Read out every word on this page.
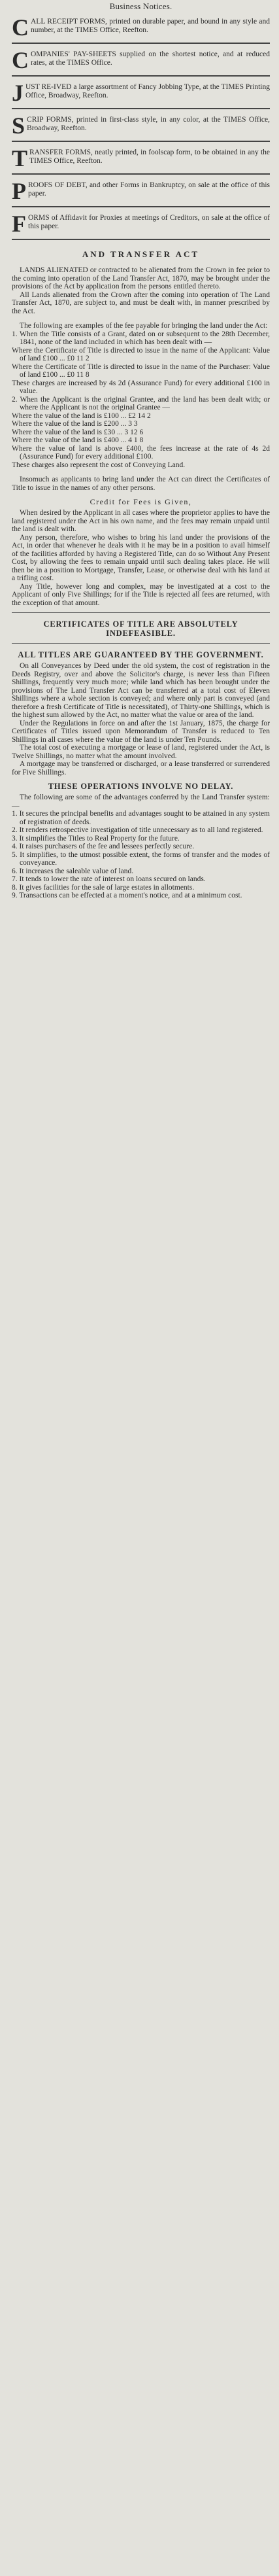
Business Notices.
CALL RECEIPT FORMS, printed on durable paper, and bound in any style and number, at the TIMES Office, Reefton.
COMPANIES' PAY-SHEETS supplied on the shortest notice, and at reduced rates, at the TIMES Office.
JUST RE-IVED a large assortment of Fancy Jobbing Type, at the TIMES Printing Office, Broadway, Reefton.
SCRIP FORMS, printed in first-class style, in any color, at the TIMES Office, Broadway, Reefton.
TRANSFER FORMS, neatly printed, in foolscap form, to be obtained in any the TIMES Office, Reefton.
PROOFS OF DEBT, and other Forms in Bankruptcy, on sale at the office of this paper.
FORMS of Affidavit for Proxies at meetings of Creditors, on sale at the office of this paper.
AND TRANSFER ACT

LANDS ALIENATED or contracted to be alienated from the Crown in fee prior to the coming into operation of the Land Transfer Act, 1870, may be brought under the provisions of the Act by application from the persons entitled thereto.

All Lands alienated from the Crown after the coming into operation of The Land Transfer Act, 1870, are subject to, and must be dealt with, in manner prescribed by the Act.

The following are examples of the fee payable for bringing the land under the Act:

1. When the Title consists of a Grant, dated on or subsequent to the 28th December, 1841, none of the land included in which has been dealt with —
Where the Certificate of Title is directed to issue in the name of the Applicant: Value of land £100 ... £0 11 2
Where the Certificate of Title is directed to issue in the name of the Purchaser: Value of land £100 ... £0 11 8
These charges are increased by 4s 2d (Assurance Fund) for every additional £100 in value.
2. When the Applicant is the original Grantee, and the land has been dealt with; or where the Applicant is not the original Grantee —
Where the value of the land is £100 ... £2 14 2
Where the value of the land is £200 ... 3 3
Where the value of the land is £30 ... 3 12 6
Where the value of the land is £400 ... 4 1 8
Where the value of land is above £400, the fees increase at the rate of 4s 2d (Assurance Fund) for every additional £100.
These charges also represent the cost of Conveying Land.

Insomuch as applicants to bring land under the Act can direct the Certificates of Title to issue in the names of any other persons.

Credit for Fees is Given,

When desired by the Applicant in all cases where the proprietor applies to have the land registered under the Act in his own name, and the fees may remain unpaid until the land is dealt with.

Any person, therefore, who wishes to bring his land under the provisions of the Act, in order that whenever he deals with it he may be in a position to avail himself of the facilities afforded by having a Registered Title, can do so Without Any Present Cost, by allowing the fees to remain unpaid until such dealing takes place. He will then be in a position to Mortgage, Transfer, Lease, or otherwise deal with his land at a trifling cost.

Any Title, however long and complex, may be investigated at a cost to the Applicant of only Five Shillings; for if the Title is rejected all fees are returned, with the exception of that amount.

CERTIFICATES OF TITLE ARE ABSOLUTELY INDEFEASIBLE.
ALL TITLES ARE GUARANTEED BY THE GOVERNMENT.

On all Conveyances by Deed under the old system, the cost of registration in the Deeds Registry, over and above the Solicitor's charge, is never less than Fifteen Shillings, frequently very much more; while land which has been brought under the provisions of The Land Transfer Act can be transferred at a total cost of Eleven Shillings where a whole section is conveyed; and where only part is conveyed (and therefore a fresh Certificate of Title is necessitated), of Thirty-one Shillings, which is the highest sum allowed by the Act, no matter what the value or area of the land.

Under the Regulations in force on and after the 1st January, 1875, the charge for Certificates of Titles issued upon Memorandum of Transfer is reduced to Ten Shillings in all cases where the value of the land is under Ten Pounds.

The total cost of executing a mortgage or lease of land, registered under the Act, is Twelve Shillings, no matter what the amount involved.

A mortgage may be transferred or discharged, or a lease transferred or surrendered for Five Shillings.

THESE OPERATIONS INVOLVE NO DELAY.

The following are some of the advantages conferred by the Land Transfer system:—

1. It secures the principal benefits and advantages sought to be attained in any system of registration of deeds.
2. It renders retrospective investigation of title unnecessary as to all land registered.
3. It simplifies the Titles to Real Property for the future.
4. It raises purchasers of the fee and lessees perfectly secure.
5. It simplifies, to the utmost possible extent, the forms of transfer and the modes of conveyance.
6. It increases the saleable value of land.
7. It tends to lower the rate of interest on loans secured on lands.
8. It gives facilities for the sale of large estates in allotments.
9. Transactions can be effected at a moment's notice, and at a minimum cost.
